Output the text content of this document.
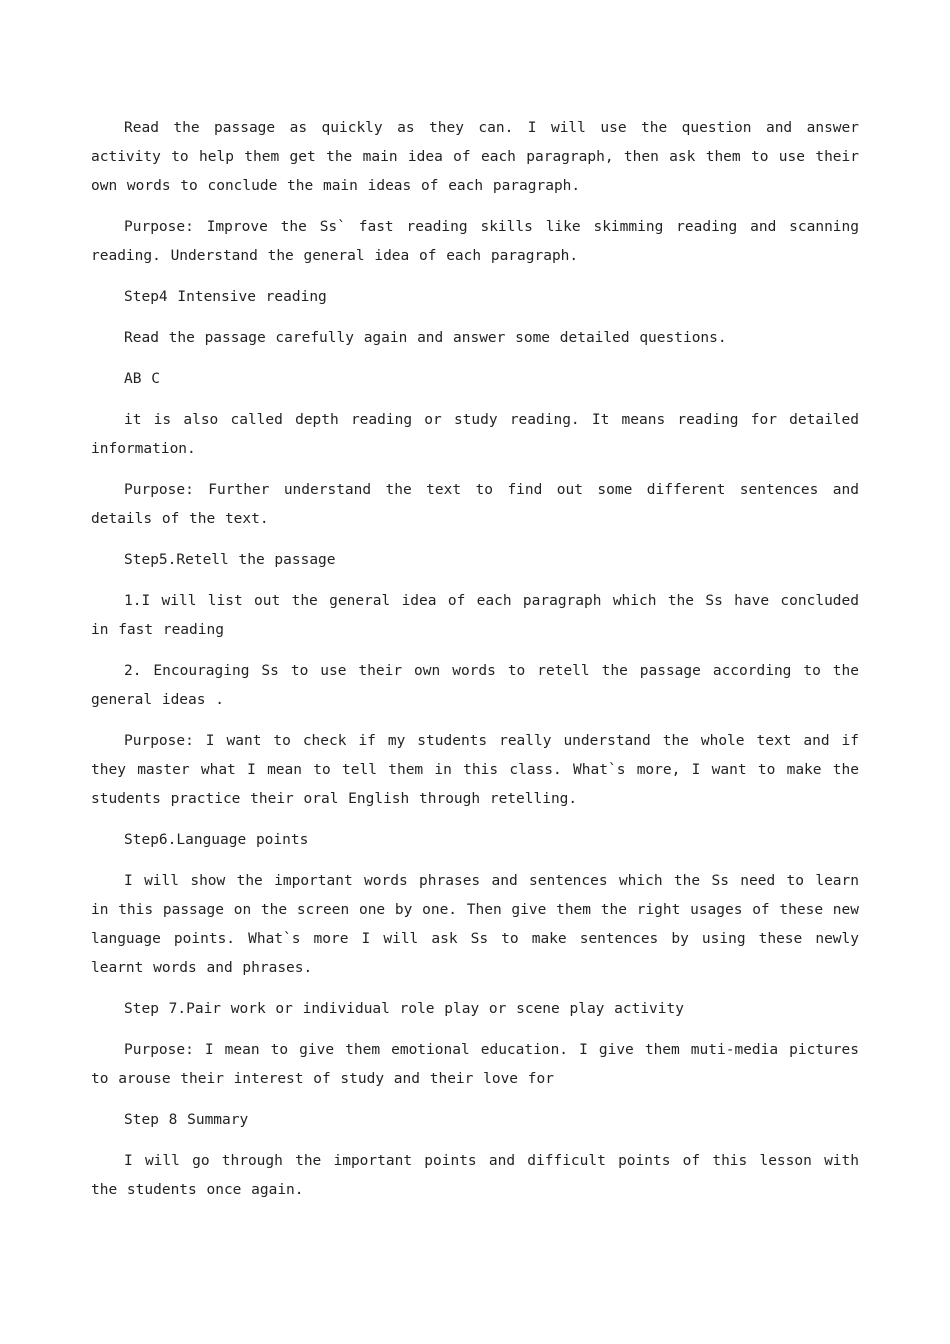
Read the passage as quickly as they can. I will use the question and answer activity to help them get the main idea of each paragraph, then ask them to use their own words to conclude the main ideas of each paragraph.

Purpose: Improve the Ss` fast reading skills like skimming reading and scanning reading. Understand the general idea of each paragraph.

Step4 Intensive reading

Read the passage carefully again and answer some detailed questions.

AB C

it is also called depth reading or study reading. It means reading for detailed information.

Purpose: Further understand the text to find out some different sentences and details of the text.

Step5.Retell the passage

1.I will list out the general idea of each paragraph which the Ss have concluded in fast reading

2. Encouraging Ss to use their own words to retell the passage according to the general ideas .

Purpose: I want to check if my students really understand the whole text and if they master what I mean to tell them in this class. What`s more, I want to make the students practice their oral English through retelling.

Step6.Language points

I will show the important words phrases and sentences which the Ss need to learn in this passage on the screen one by one. Then give them the right usages of these new language points. What`s more I will ask Ss to make sentences by using these newly learnt words and phrases.

Step 7.Pair work or individual role play or scene play activity

Purpose: I mean to give them emotional education. I give them muti-media pictures to arouse their interest of study and their love for

Step 8 Summary

I will go through the important points and difficult points of this lesson with the students once again.
